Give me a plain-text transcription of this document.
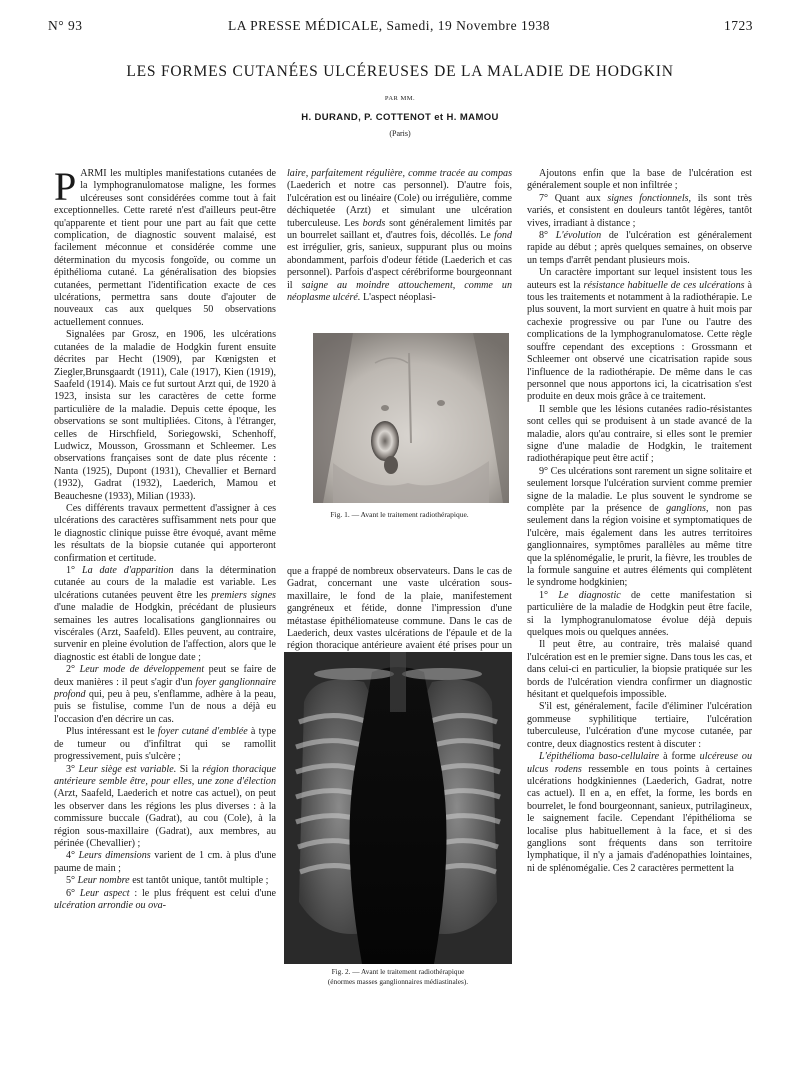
N° 93	LA PRESSE MÉDICALE, Samedi, 19 Novembre 1938	1723
LES FORMES CUTANÉES ULCÉREUSES DE LA MALADIE DE HODGKIN
PAR MM.
H. DURAND, P. COTTENOT et H. MAMOU
(Paris)

PARMI les multiples manifestations cutanées de la lymphogranulomatose maligne, les formes ulcéreuses sont considérées comme tout à fait exceptionnelles. Cette rareté n'est d'ailleurs peut-être qu'apparente et tient pour une part au fait que cette complication, de diagnostic souvent malaisé, est facilement méconnue et considérée comme une détermination du mycosis fongoïde, ou comme un épithélioma cutané. La généralisation des biopsies cutanées, permettant l'identification exacte de ces ulcérations, permettra sans doute d'ajouter de nouveaux cas aux quelques 50 observations actuellement connues.

Signalées par Grosz, en 1906, les ulcérations cutanées de la maladie de Hodgkin furent ensuite décrites par Hecht (1909), par Kœnigsten et Ziegler,Brunsgaardt (1911), Cale (1917), Kien (1919), Saafeld (1914). Mais ce fut surtout Arzt qui, de 1920 à 1923, insista sur les caractères de cette forme particulière de la maladie. Depuis cette époque, les observations se sont multipliées. Citons, à l'étranger, celles de Hirschfield, Soriegowski, Schenhoff, Ludwicz, Mousson, Grossmann et Schleemer. Les observations françaises sont de date plus récente : Nanta (1925), Dupont (1931), Chevallier et Bernard (1932), Gadrat (1932), Laederich, Mamou et Beauchesne (1933), Milian (1933).

Ces différents travaux permettent d'assigner à ces ulcérations des caractères suffisamment nets pour que le diagnostic clinique puisse être évoqué, avant même les résultats de la biopsie cutanée qui apporteront confirmation et certitude.

1° La date d'apparition dans la détermination cutanée au cours de la maladie est variable. Les ulcérations cutanées peuvent être les premiers signes d'une maladie de Hodgkin, précédant de plusieurs semaines les autres localisations ganglionnaires ou viscérales (Arzt, Saafeld). Elles peuvent, au contraire, survenir en pleine évolution de l'affection, alors que le diagnostic est établi de longue date ;

2° Leur mode de développement peut se faire de deux manières : il peut s'agir d'un foyer ganglionnaire profond qui, peu à peu, s'enflamme, adhère à la peau, puis se fistulise, comme l'un de nous a déjà eu l'occasion d'en décrire un cas.

Plus intéressant est le foyer cutané d'emblée à type de tumeur ou d'infiltrat qui se ramollit progressivement, puis s'ulcère ;

3° Leur siège est variable. Si la région thoracique antérieure semble être, pour elles, une zone d'élection (Arzt, Saafeld, Laederich et notre cas actuel), on peut les observer dans les régions les plus diverses : à la commissure buccale (Gadrat), au cou (Cole), à la région sous-maxillaire (Gadrat), aux membres, au périnée (Chevallier) ;

4° Leurs dimensions varient de 1 cm. à plus d'une paume de main ;

5° Leur nombre est tantôt unique, tantôt multiple ;

6° Leur aspect : le plus fréquent est celui d'une ulcération arrondie ou ova-

laire, parfaitement régulière, comme tracée au compas (Laederich et notre cas personnel). D'autre fois, l'ulcération est ou linéaire (Cole) ou irrégulière, comme déchiquetée (Arzt) et simulant une ulcération tuberculeuse. Les bords sont généralement limités par un bourrelet saillant et, d'autres fois, décollés. Le fond est irrégulier, gris, sanieux, suppurant plus ou moins abondamment, parfois d'odeur fétide (Laederich et cas personnel). Parfois d'aspect cérébriforme bourgeonnant il saigne au moindre attouchement, comme un néoplasme ulcéré. L'aspect néoplasi-

Fig. 1. — Avant le traitement radiothérapique.

que a frappé de nombreux observateurs. Dans le cas de Gadrat, concernant une vaste ulcération sous-maxillaire, le fond de la plaie, manifestement gangréneux et fétide, donne l'impression d'une métastase épithéliomateuse commune. Dans le cas de Laederich, deux vastes ulcérations de l'épaule et de la région thoracique antérieure avaient été prises pour un

Fig. 2. — Avant le traitement radiothérapique
(énormes masses ganglionnaires médiastinales).

Ajoutons enfin que la base de l'ulcération est généralement souple et non infiltrée ;

7° Quant aux signes fonctionnels, ils sont très variés, et consistent en douleurs tantôt légères, tantôt vives, irradiant à distance ;

8° L'évolution de l'ulcération est généralement rapide au début ; après quelques semaines, on observe un temps d'arrêt pendant plusieurs mois.

Un caractère important sur lequel insistent tous les auteurs est la résistance habituelle de ces ulcérations à tous les traitements et notamment à la radiothérapie. Le plus souvent, la mort survient en quatre à huit mois par cachexie progressive ou par l'une ou l'autre des complications de la lymphogranulomatose. Cette règle souffre cependant des exceptions : Grossmann et Schleemer ont observé une cicatrisation rapide sous l'influence de la radiothérapie. De même dans le cas personnel que nous apportons ici, la cicatrisation s'est produite en deux mois grâce à ce traitement.

Il semble que les lésions cutanées radio-résistantes sont celles qui se produisent à un stade avancé de la maladie, alors qu'au contraire, si elles sont le premier signe d'une maladie de Hodgkin, le traitement radiothérapique peut être actif ;

9° Ces ulcérations sont rarement un signe solitaire et seulement lorsque l'ulcération survient comme premier signe de la maladie. Le plus souvent le syndrome se complète par la présence de ganglions, non pas seulement dans la région voisine et symptomatiques de l'ulcère, mais également dans les autres territoires ganglionnaires, symptômes parallèles au même titre que la splénomégalie, le prurit, la fièvre, les troubles de la formule sanguine et autres éléments qui complètent le syndrome hodgkinien;

1° Le diagnostic de cette manifestation si particulière de la maladie de Hodgkin peut être facile, si la lymphogranulomatose évolue déjà depuis quelques mois ou quelques années.

Il peut être, au contraire, très malaisé quand l'ulcération est en le premier signe. Dans tous les cas, et dans celui-ci en particulier, la biopsie pratiquée sur les bords de l'ulcération viendra confirmer un diagnostic hésitant et quelquefois impossible.

S'il est, généralement, facile d'éliminer l'ulcération gommeuse syphilitique tertiaire, l'ulcération tuberculeuse, l'ulcération d'une mycose cutanée, par contre, deux diagnostics restent à discuter :

L'épithélioma baso-cellulaire à forme ulcéreuse ou ulcus rodens ressemble en tous points à certaines ulcérations hodgkiniennes (Laederich, Gadrat, notre cas actuel). Il en a, en effet, la forme, les bords en bourrelet, le fond bourgeonnant, sanieux, putrilagineux, le saignement facile. Cependant l'épithélioma se localise plus habituellement à la face, et si des ganglions sont fréquents dans son territoire lymphatique, il n'y a jamais d'adénopathies lointaines, ni de splénomégalie. Ces 2 caractères permettent la
